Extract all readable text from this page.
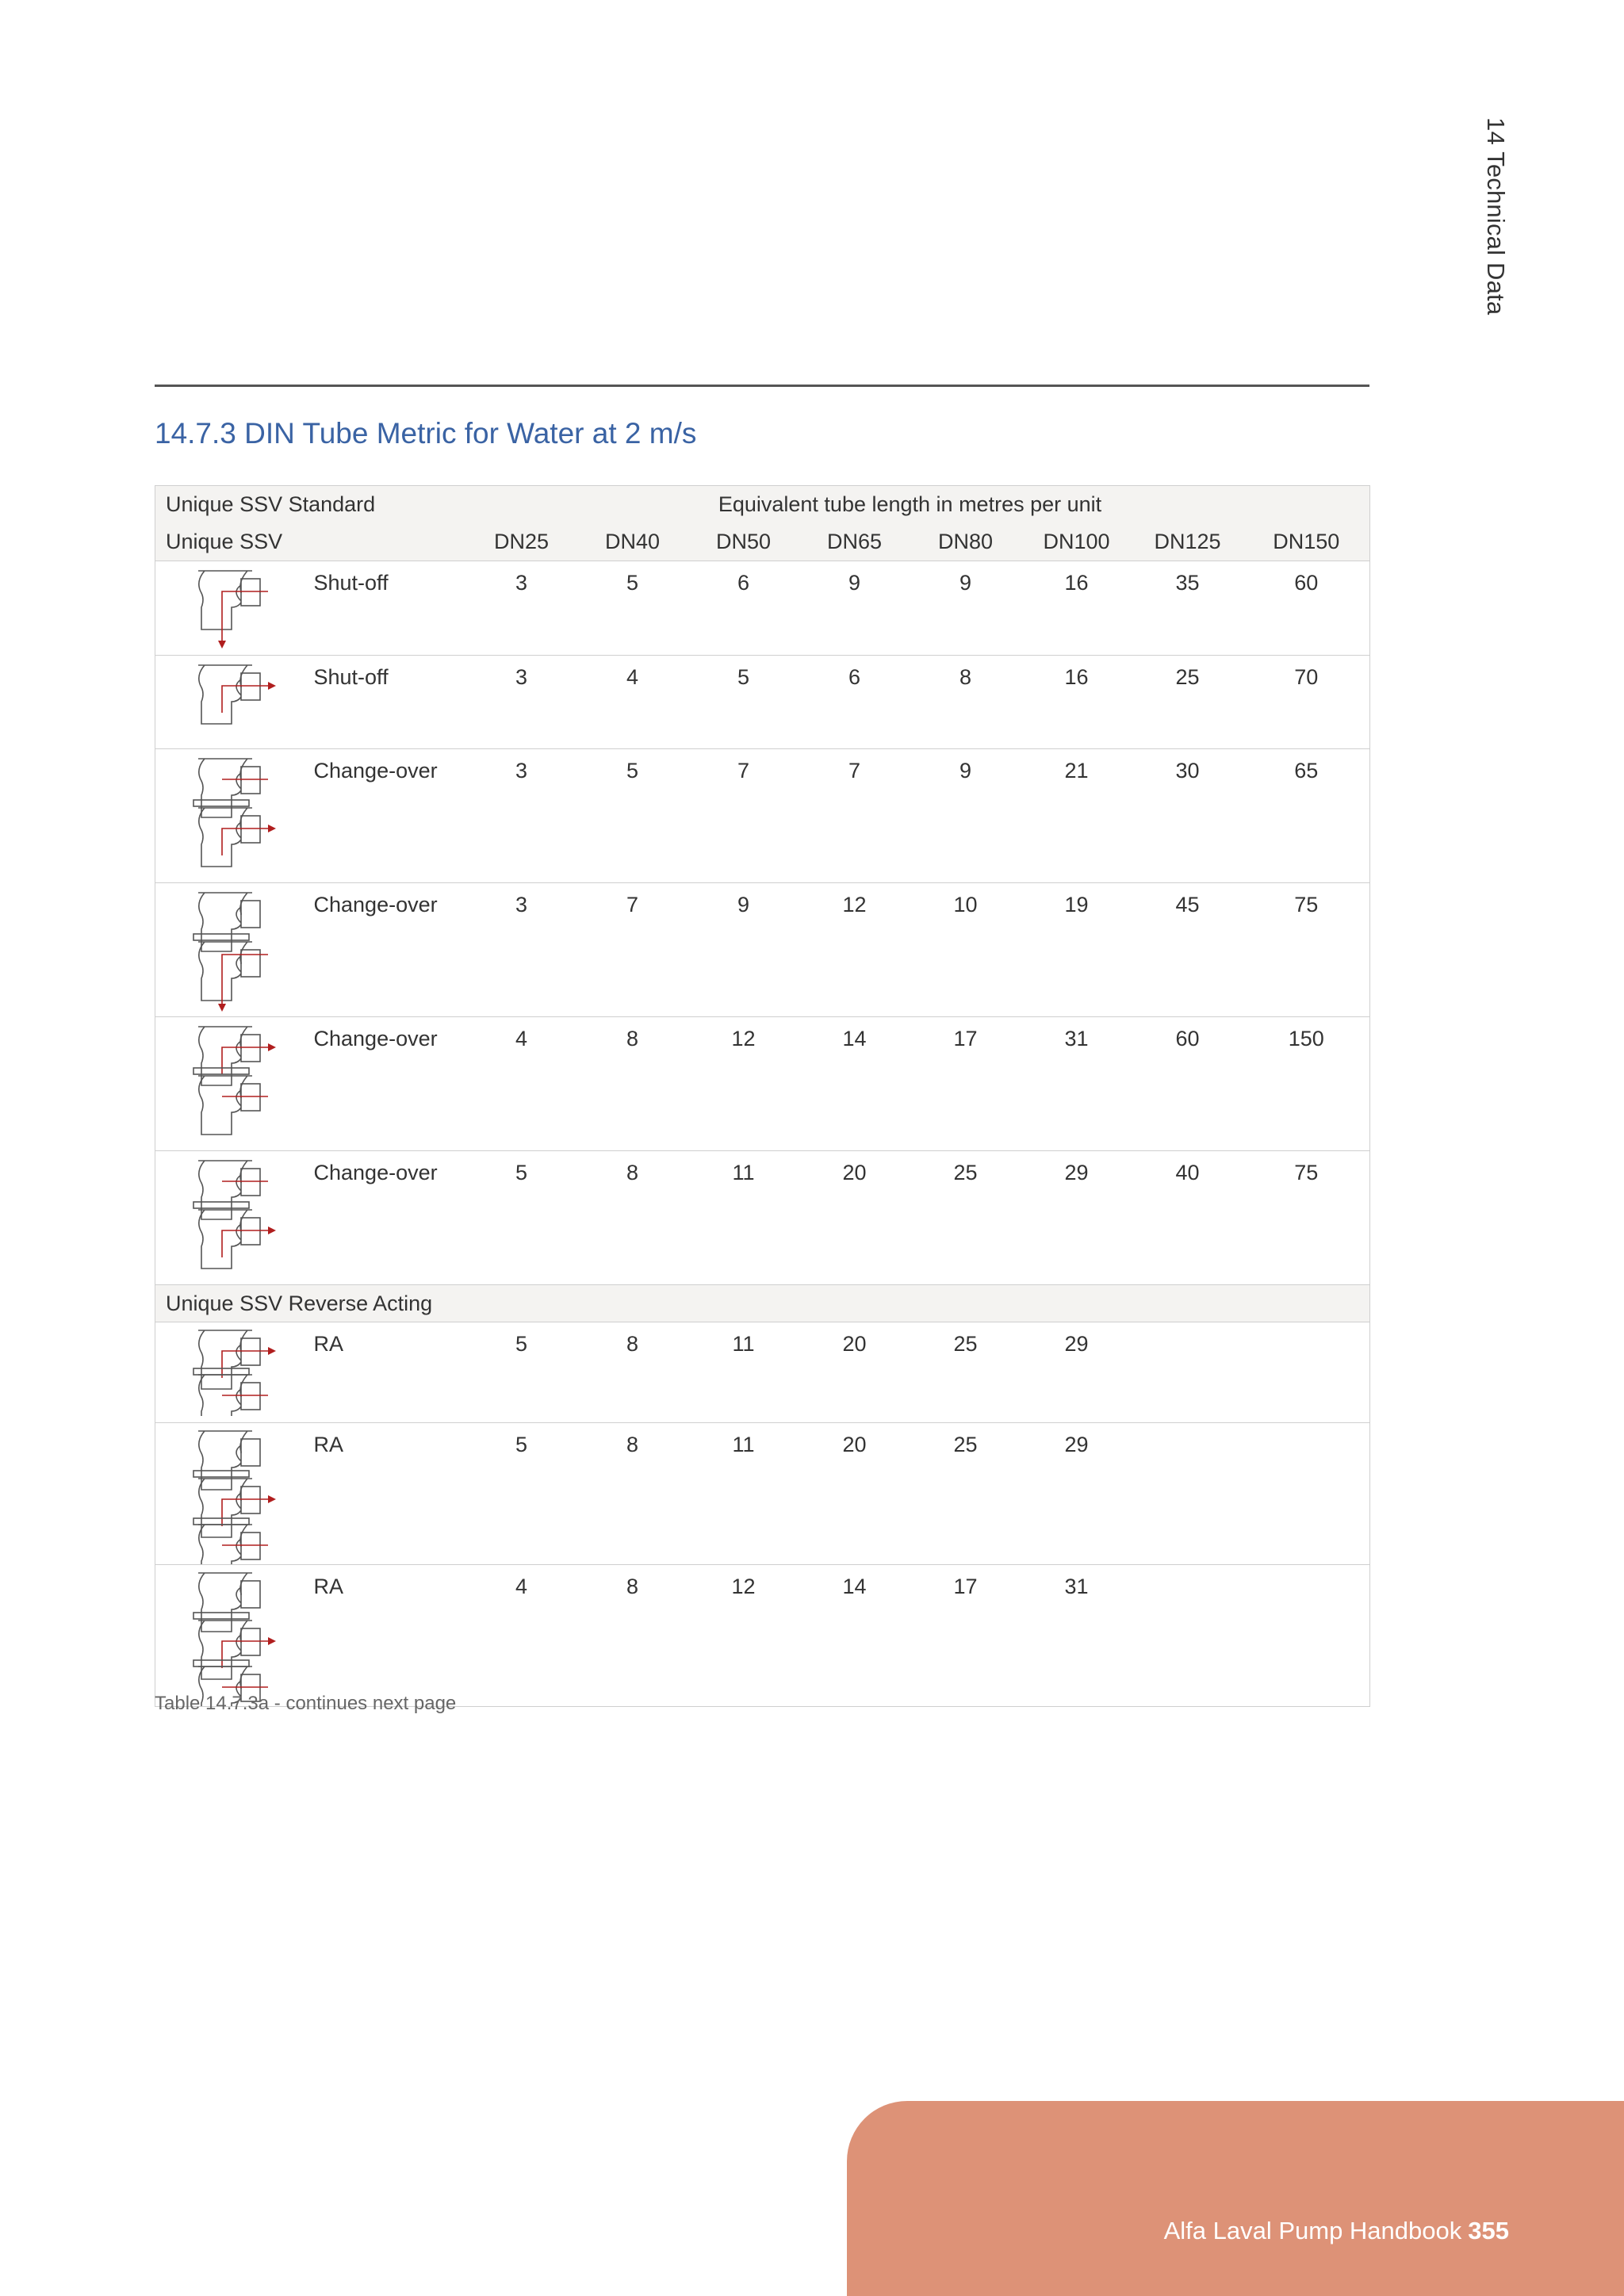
14 Technical Data
14.7.3 DIN Tube Metric for Water at 2 m/s
Unique SSV Standard				Equivalent tube length in metres per unit					
Unique SSV		DN25	DN40	DN50	DN65	DN80	DN100	DN125	DN150

	Shut-off	3	5	6	9	9	16	35	60

	Shut-off	3	4	5	6	8	16	25	70

	Change-over	3	5	7	7	9	21	30	65

	Change-over	3	7	9	12	10	19	45	75

	Change-over	4	8	12	14	17	31	60	150

	Change-over	5	8	11	20	25	29	40	75
Unique SSV Reverse Acting									

	RA	5	8	11	20	25	29		

	RA	5	8	11	20	25	29		

	RA	4	8	12	14	17	31		
Table 14.7.3a - continues next page
Alfa Laval Pump Handbook 355
